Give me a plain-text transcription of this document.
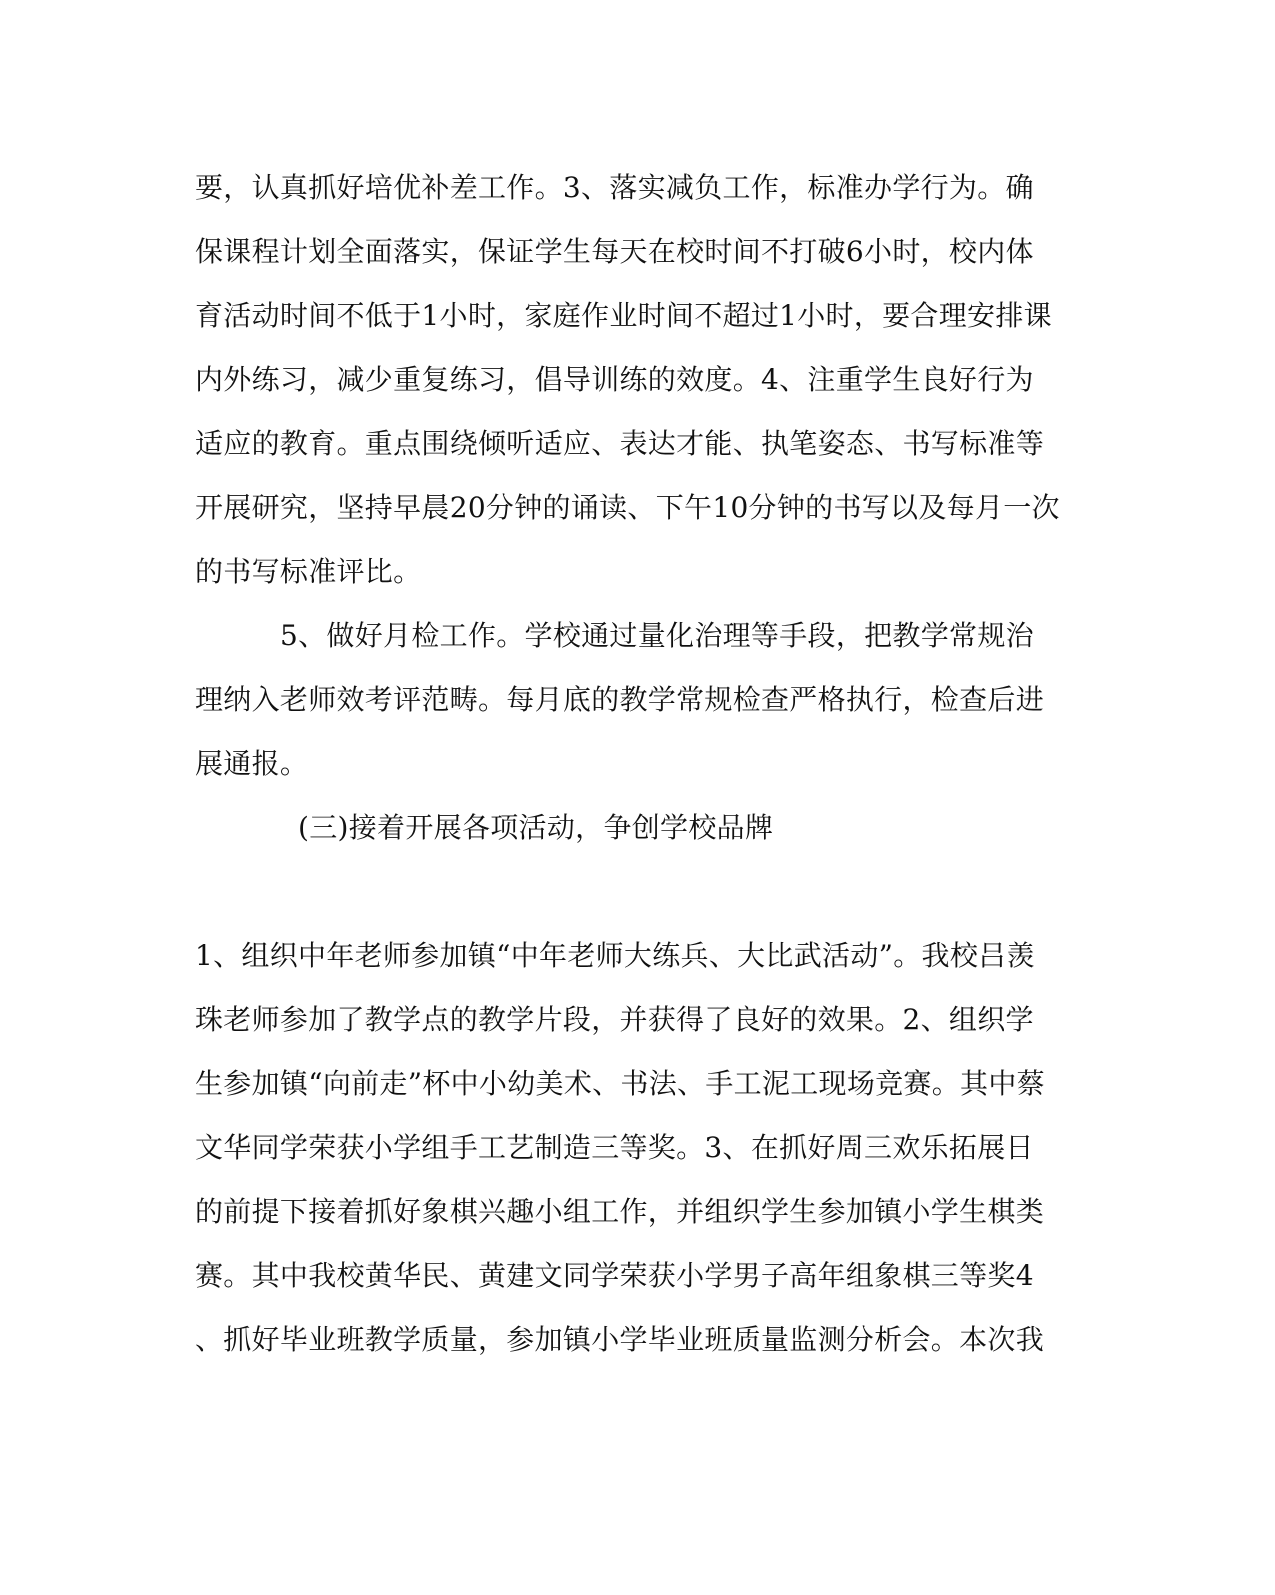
要，认真抓好培优补差工作。3、落实减负工作，标准办学行为。确
保课程计划全面落实，保证学生每天在校时间不打破6小时，校内体
育活动时间不低于1小时，家庭作业时间不超过1小时，要合理安排课
内外练习，减少重复练习，倡导训练的效度。4、注重学生良好行为
适应的教育。重点围绕倾听适应、表达才能、执笔姿态、书写标准等
开展研究，坚持早晨20分钟的诵读、下午10分钟的书写以及每月一次
的书写标准评比。
5、做好月检工作。学校通过量化治理等手段，把教学常规治
理纳入老师效考评范畴。每月底的教学常规检查严格执行，检查后进
展通报。
(三)接着开展各项活动，争创学校品牌
1、组织中年老师参加镇“中年老师大练兵、大比武活动”。我校吕羡
珠老师参加了教学点的教学片段，并获得了良好的效果。2、组织学
生参加镇“向前走”杯中小幼美术、书法、手工泥工现场竞赛。其中蔡
文华同学荣获小学组手工艺制造三等奖。3、在抓好周三欢乐拓展日
的前提下接着抓好象棋兴趣小组工作，并组织学生参加镇小学生棋类
赛。其中我校黄华民、黄建文同学荣获小学男子高年组象棋三等奖4
、抓好毕业班教学质量，参加镇小学毕业班质量监测分析会。本次我
